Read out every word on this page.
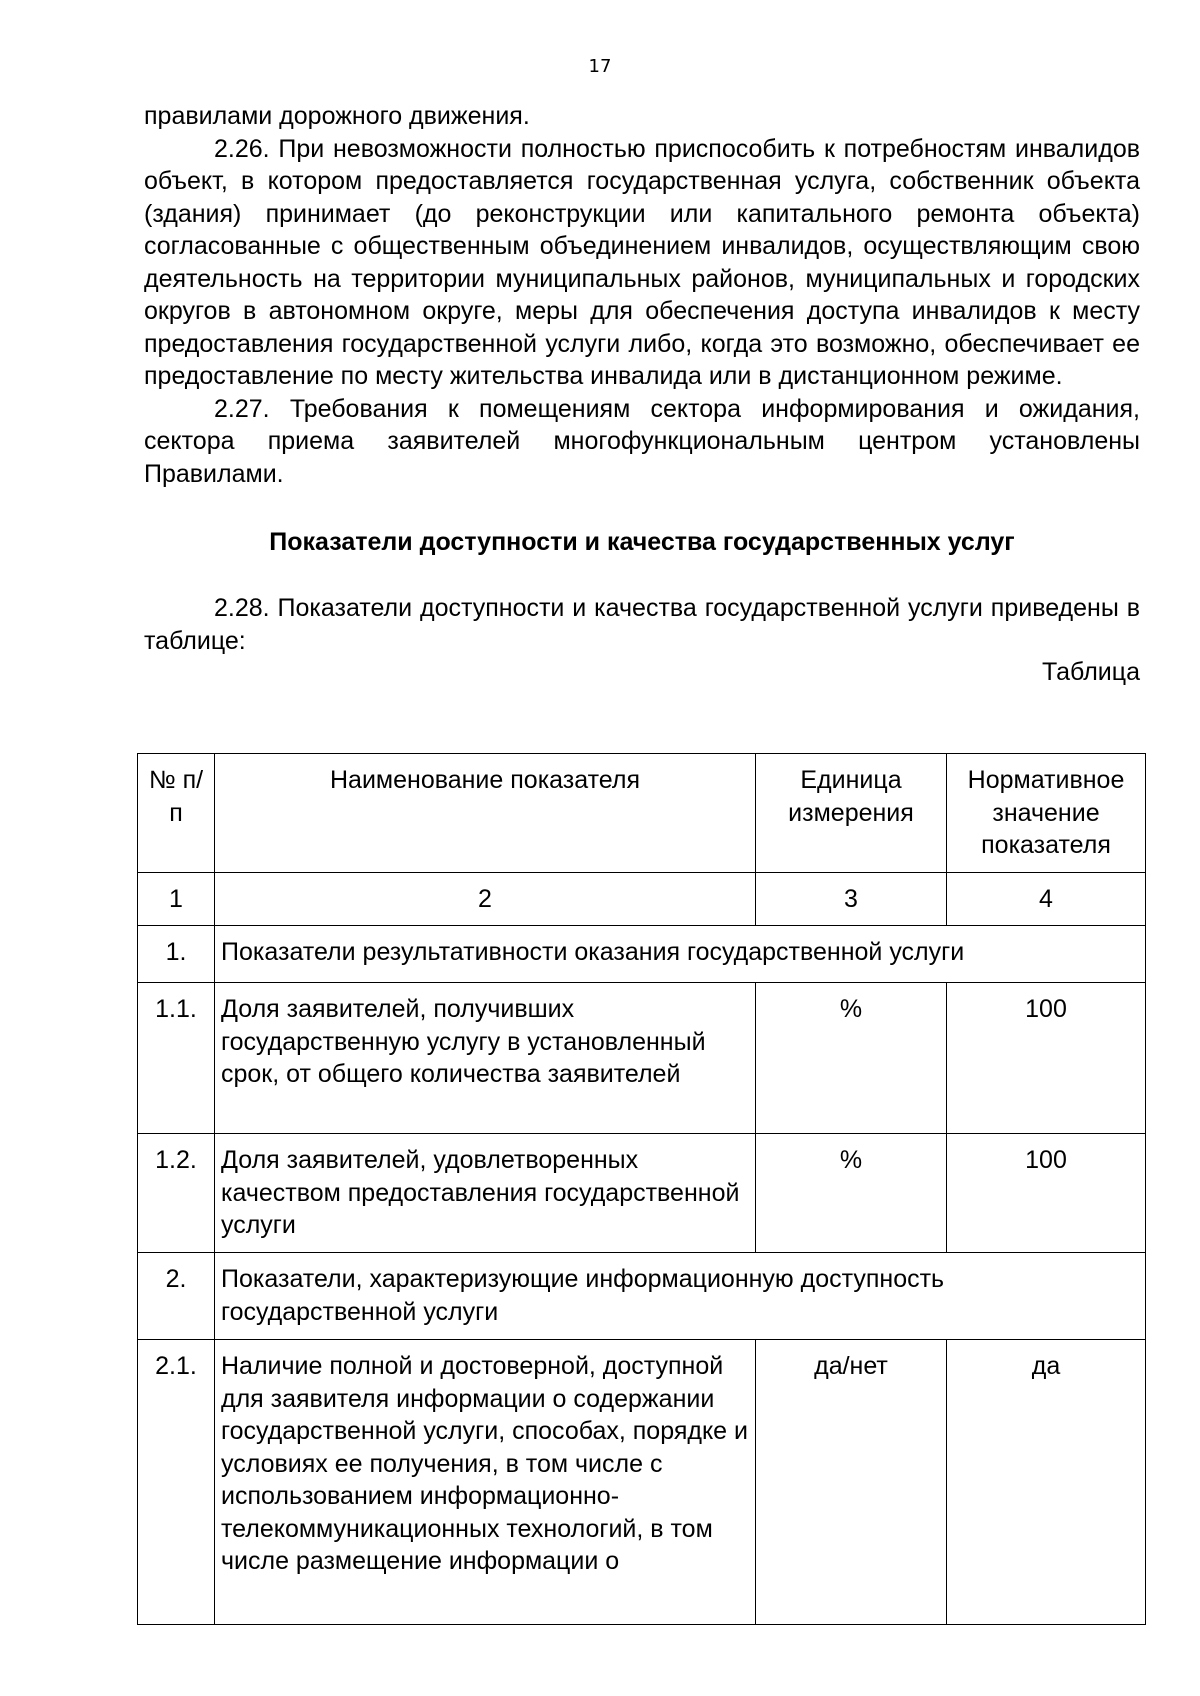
17

правилами дорожного движения.

2.26. При невозможности полностью приспособить к потребностям инвалидов объект, в котором предоставляется государственная услуга, собственник объекта (здания) принимает (до реконструкции или капитального ремонта объекта) согласованные с общественным объединением инвалидов, осуществляющим свою деятельность на территории муниципальных районов, муниципальных и городских округов в автономном округе, меры для обеспечения доступа инвалидов к месту предоставления государственной услуги либо, когда это возможно, обеспечивает ее предоставление по месту жительства инвалида или в дистанционном режиме.

2.27. Требования к помещениям сектора информирования и ожидания, сектора приема заявителей многофункциональным центром установлены Правилами.

Показатели доступности и качества государственных услуг

2.28. Показатели доступности и качества государственной услуги приведены в таблице:

Таблица

№ п/п	Наименование показателя	Единица измерения	Нормативное значение показателя
1	2	3	4
1.	Показатели результативности оказания государственной услуги		
1.1.	Доля заявителей, получивших государственную услугу в установленный срок, от общего количества заявителей	%	100
1.2.	Доля заявителей, удовлетворенных качеством предоставления государственной услуги	%	100
2.	Показатели, характеризующие информационную доступность государственной услуги		
2.1.	Наличие полной и достоверной, доступной для заявителя информации о содержании государственной услуги, способах, порядке и условиях ее получения, в том числе с использованием информационно-телекоммуникационных технологий, в том числе размещение информации о	да/нет	да
